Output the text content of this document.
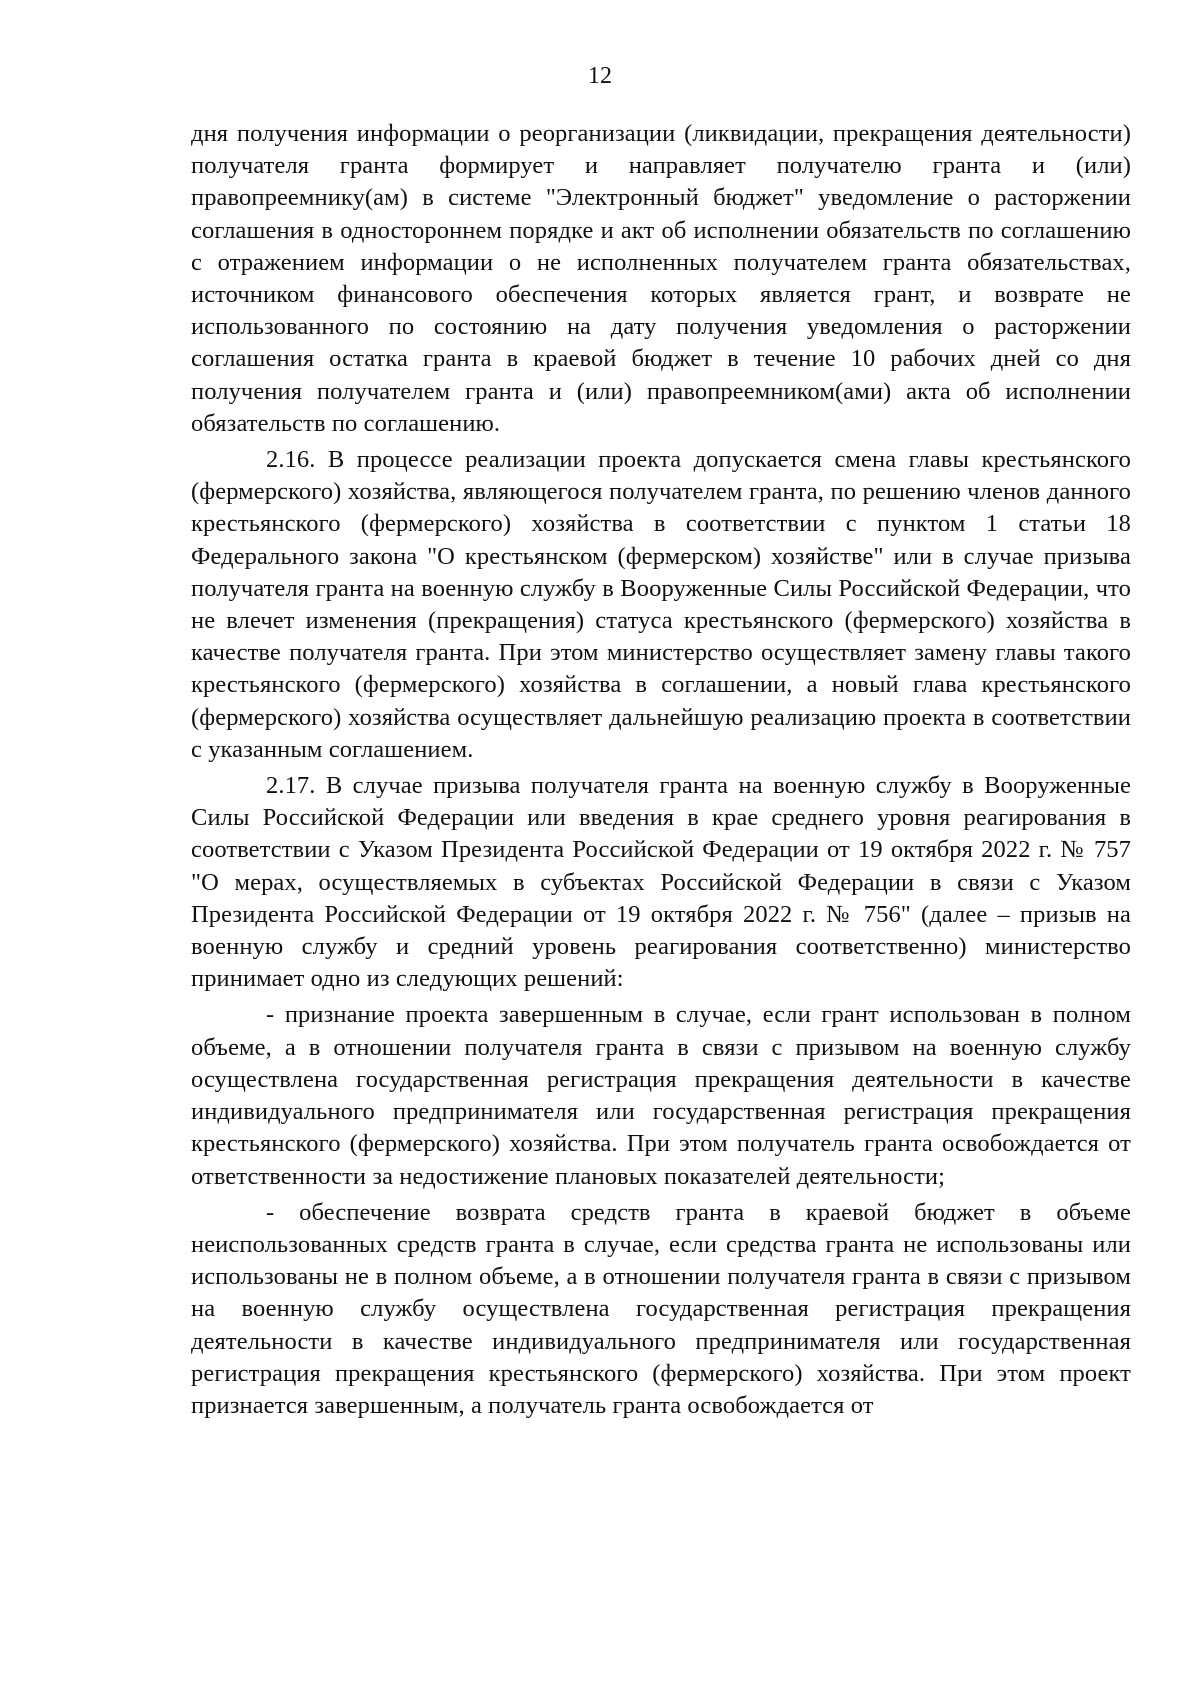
12

дня получения информации о реорганизации (ликвидации, прекращения деятельности) получателя гранта формирует и направляет получателю гранта и (или) правопреемнику(ам) в системе "Электронный бюджет" уведомление о расторжении соглашения в одностороннем порядке и акт об исполнении обязательств по соглашению с отражением информации о не исполненных получателем гранта обязательствах, источником финансового обеспечения которых является грант, и возврате не использованного по состоянию на дату получения уведомления о расторжении соглашения остатка гранта в краевой бюджет в течение 10 рабочих дней со дня получения получателем гранта и (или) правопреемником(ами) акта об исполнении обязательств по соглашению.

2.16. В процессе реализации проекта допускается смена главы крестьянского (фермерского) хозяйства, являющегося получателем гранта, по решению членов данного крестьянского (фермерского) хозяйства в соответствии с пунктом 1 статьи 18 Федерального закона "О крестьянском (фермерском) хозяйстве" или в случае призыва получателя гранта на военную службу в Вооруженные Силы Российской Федерации, что не влечет изменения (прекращения) статуса крестьянского (фермерского) хозяйства в качестве получателя гранта. При этом министерство осуществляет замену главы такого крестьянского (фермерского) хозяйства в соглашении, а новый глава крестьянского (фермерского) хозяйства осуществляет дальнейшую реализацию проекта в соответствии с указанным соглашением.

2.17. В случае призыва получателя гранта на военную службу в Вооруженные Силы Российской Федерации или введения в крае среднего уровня реагирования в соответствии с Указом Президента Российской Федерации от 19 октября 2022 г. № 757 "О мерах, осуществляемых в субъектах Российской Федерации в связи с Указом Президента Российской Федерации от 19 октября 2022 г. № 756" (далее – призыв на военную службу и средний уровень реагирования соответственно) министерство принимает одно из следующих решений:

- признание проекта завершенным в случае, если грант использован в полном объеме, а в отношении получателя гранта в связи с призывом на военную службу осуществлена государственная регистрация прекращения деятельности в качестве индивидуального предпринимателя или государственная регистрация прекращения крестьянского (фермерского) хозяйства. При этом получатель гранта освобождается от ответственности за недостижение плановых показателей деятельности;

- обеспечение возврата средств гранта в краевой бюджет в объеме неиспользованных средств гранта в случае, если средства гранта не использованы или использованы не в полном объеме, а в отношении получателя гранта в связи с призывом на военную службу осуществлена государственная регистрация прекращения деятельности в качестве индивидуального предпринимателя или государственная регистрация прекращения крестьянского (фермерского) хозяйства. При этом проект признается завершенным, а получатель гранта освобождается от
